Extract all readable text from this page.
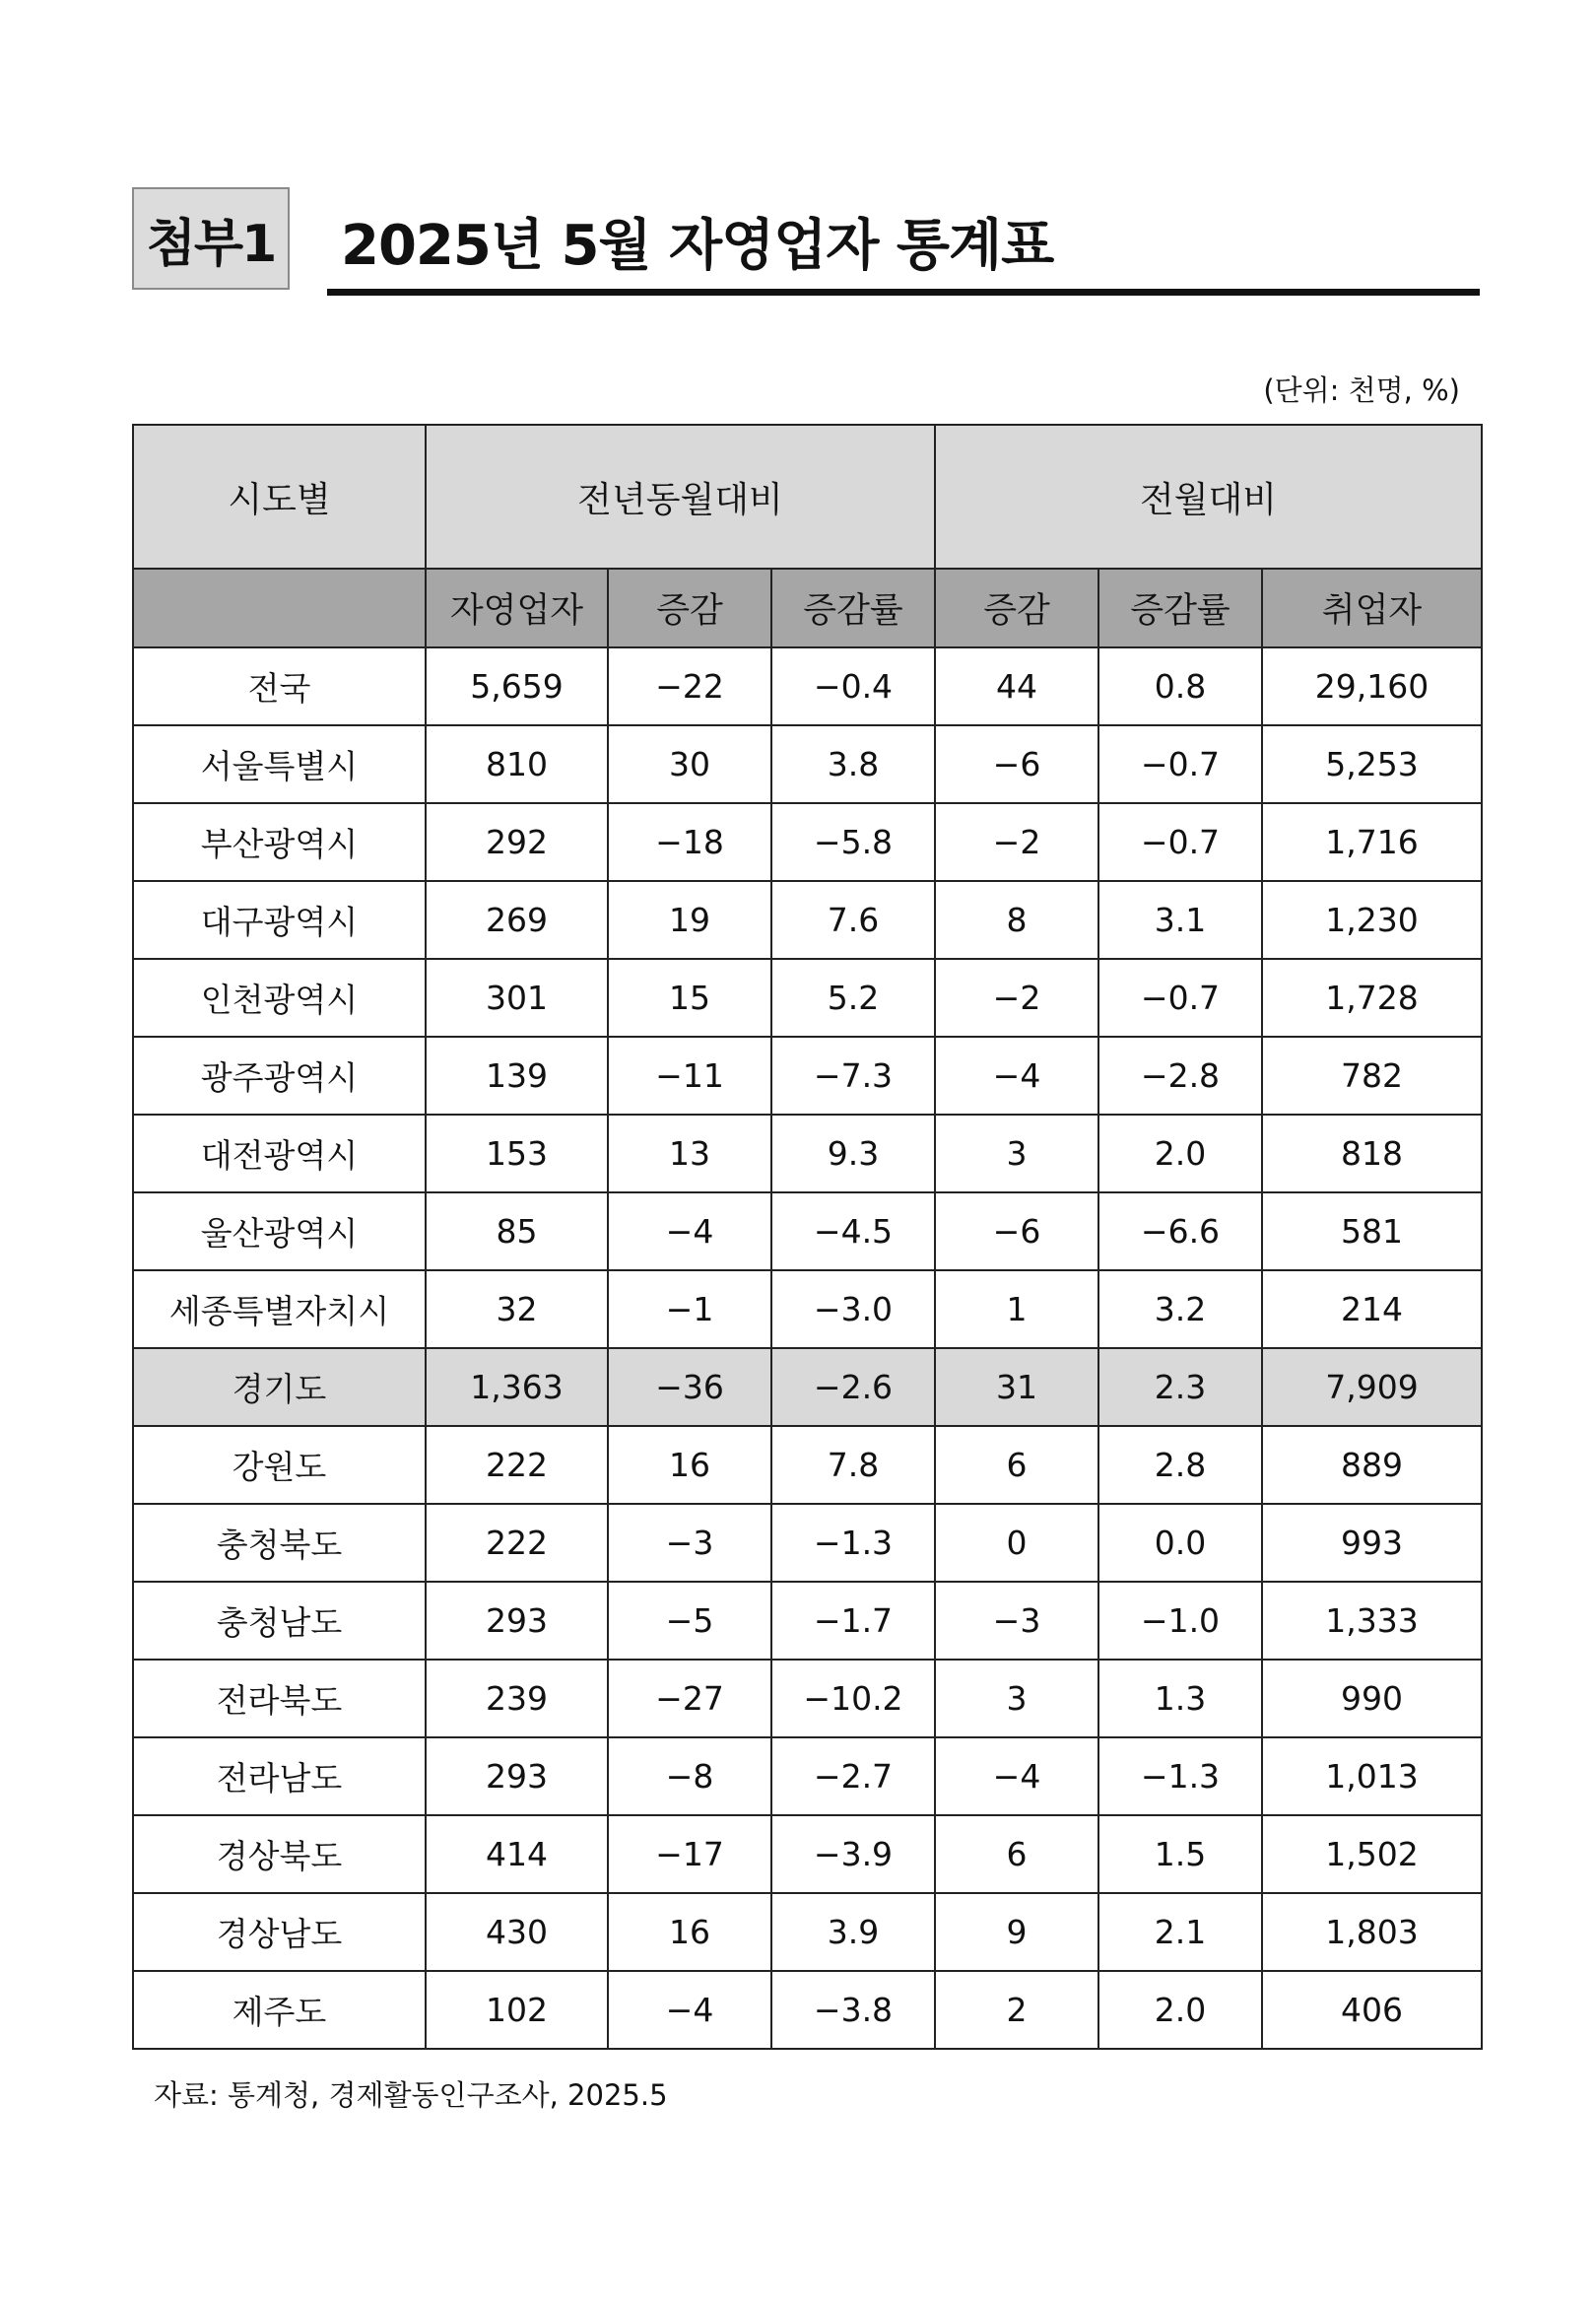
첨부1 2025년 5월 자영업자 통계표
(단위: 천명, %)
시도별	전년동월대비			전월대비		
	자영업자	증감	증감률	증감	증감률	취업자
전국	5,659	−22	−0.4	44	0.8	29,160
서울특별시	810	30	3.8	−6	−0.7	5,253
부산광역시	292	−18	−5.8	−2	−0.7	1,716
대구광역시	269	19	7.6	8	3.1	1,230
인천광역시	301	15	5.2	−2	−0.7	1,728
광주광역시	139	−11	−7.3	−4	−2.8	782
대전광역시	153	13	9.3	3	2.0	818
울산광역시	85	−4	−4.5	−6	−6.6	581
세종특별자치시	32	−1	−3.0	1	3.2	214
경기도	1,363	−36	−2.6	31	2.3	7,909
강원도	222	16	7.8	6	2.8	889
충청북도	222	−3	−1.3	0	0.0	993
충청남도	293	−5	−1.7	−3	−1.0	1,333
전라북도	239	−27	−10.2	3	1.3	990
전라남도	293	−8	−2.7	−4	−1.3	1,013
경상북도	414	−17	−3.9	6	1.5	1,502
경상남도	430	16	3.9	9	2.1	1,803
제주도	102	−4	−3.8	2	2.0	406
자료: 통계청, 경제활동인구조사, 2025.5
